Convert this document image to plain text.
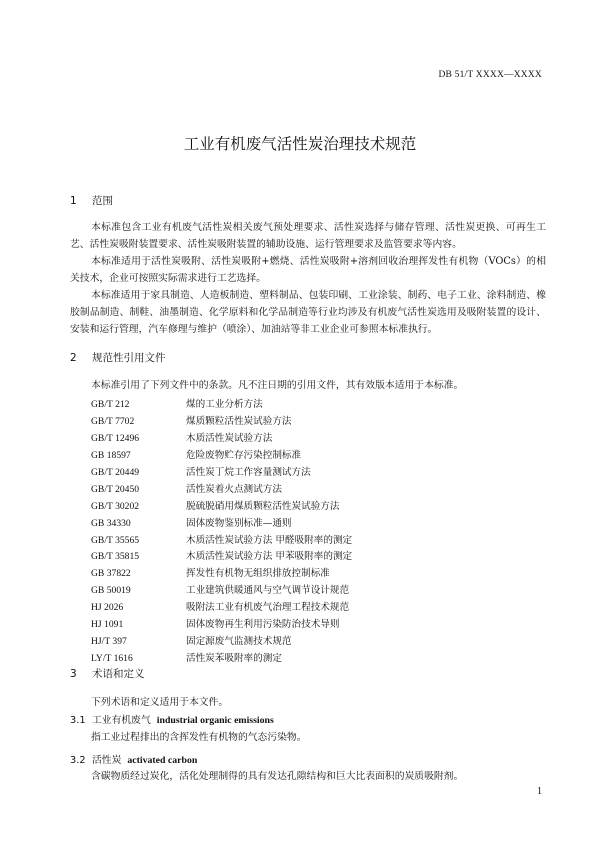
DB 51/T XXXX—XXXX
工业有机废气活性炭治理技术规范
1 范围

本标准包含工业有机废气活性炭相关废气预处理要求、活性炭选择与储存管理、活性炭更换、可再生工艺、活性炭吸附装置要求、活性炭吸附装置的辅助设施、运行管理要求及监管要求等内容。

本标准适用于活性炭吸附、活性炭吸附+燃烧、活性炭吸附+溶剂回收治理挥发性有机物（VOCs）的相关技术，企业可按照实际需求进行工艺选择。

本标准适用于家具制造、人造板制造、塑料制品、包装印刷、工业涂装、制药、电子工业、涂料制造、橡胶制品制造、制鞋、油墨制造、化学原料和化学品制造等行业均涉及有机废气活性炭选用及吸附装置的设计、安装和运行管理，汽车修理与维护（喷涂）、加油站等非工业企业可参照本标准执行。

2 规范性引用文件

本标准引用了下列文件中的条款。凡不注日期的引用文件，其有效版本适用于本标准。

GB/T 212	煤的工业分析方法
GB/T 7702	煤质颗粒活性炭试验方法
GB/T 12496	木质活性炭试验方法
GB 18597	危险废物贮存污染控制标准
GB/T 20449	活性炭丁烷工作容量测试方法
GB/T 20450	活性炭着火点测试方法
GB/T 30202	脱硫脱硝用煤质颗粒活性炭试验方法
GB 34330	固体废物鉴别标准—通则
GB/T 35565	木质活性炭试验方法 甲醛吸附率的测定
GB/T 35815	木质活性炭试验方法 甲苯吸附率的测定
GB 37822	挥发性有机物无组织排放控制标准
GB 50019	工业建筑供暖通风与空气调节设计规范
HJ 2026	吸附法工业有机废气治理工程技术规范
HJ 1091	固体废物再生利用污染防治技术导则
HJ/T 397	固定源废气监测技术规范
LY/T 1616	活性炭苯吸附率的测定
3 术语和定义

下列术语和定义适用于本文件。

3.1 工业有机废气 industrial organic emissions

指工业过程排出的含挥发性有机物的气态污染物。

3.2 活性炭 activated carbon

含碳物质经过炭化，活化处理制得的具有发达孔隙结构和巨大比表面积的炭质吸附剂。

1
